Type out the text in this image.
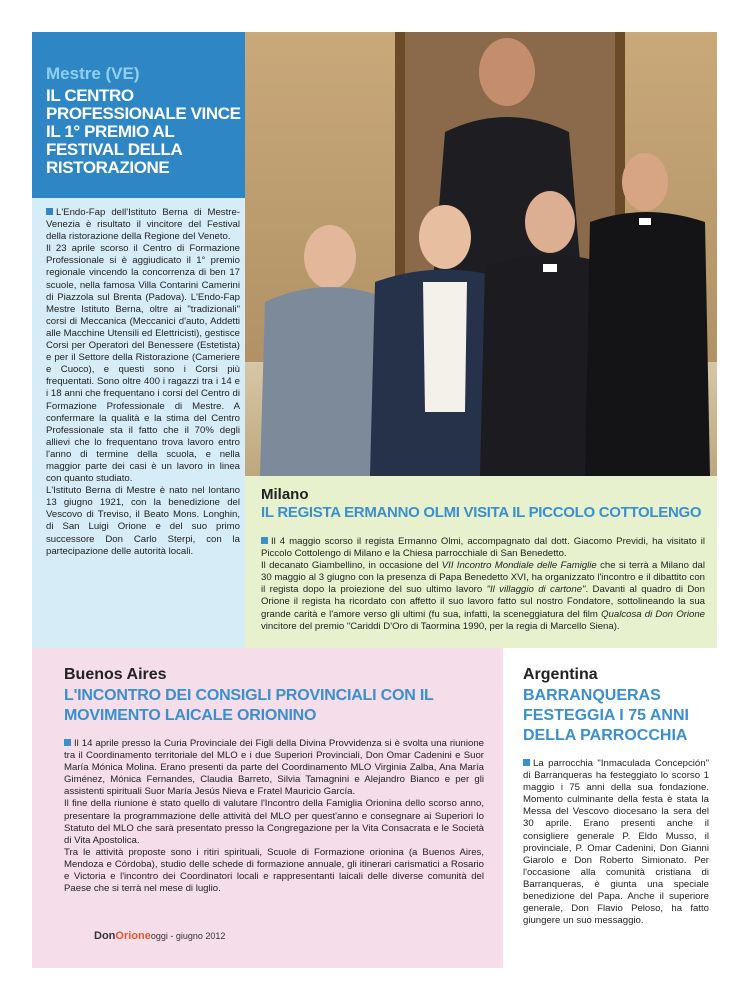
Mestre (VE)
IL CENTRO PROFESSIONALE VINCE IL 1° PREMIO AL FESTIVAL DELLA RISTORAZIONE
L'Endo-Fap dell'Istituto Berna di Mestre-Venezia è risultato il vincitore del Festival della ristorazione della Regione del Veneto.
Il 23 aprile scorso il Centro di Formazione Professionale si è aggiudicato il 1° premio regionale vincendo la concorrenza di ben 17 scuole, nella famosa Villa Contarini Camerini di Piazzola sul Brenta (Padova). L'Endo-Fap Mestre Istituto Berna, oltre ai "tradizionali" corsi di Meccanica (Meccanici d'auto, Addetti alle Macchine Utensili ed Elettricisti), gestisce Corsi per Operatori del Benessere (Estetista) e per il Settore della Ristorazione (Cameriere e Cuoco), e questi sono i Corsi più frequentati. Sono oltre 400 i ragazzi tra i 14 e i 18 anni che frequentano i corsi del Centro di Formazione Professionale di Mestre. A confermare la qualità e la stima del Centro Professionale sta il fatto che il 70% degli allievi che lo frequentano trova lavoro entro l'anno di termine della scuola, e nella maggior parte dei casi è un lavoro in linea con quanto studiato.
L'Istituto Berna di Mestre è nato nel lontano 13 giugno 1921, con la benedizione del Vescovo di Treviso, il Beato Mons. Longhin, di San Luigi Orione e del suo primo successore Don Carlo Sterpi, con la partecipazione delle autorità locali.
Milano
IL REGISTA ERMANNO OLMI VISITA IL PICCOLO COTTOLENGO
Il 4 maggio scorso il regista Ermanno Olmi, accompagnato dal dott. Giacomo Previdi, ha visitato il Piccolo Cottolengo di Milano e la Chiesa parrocchiale di San Benedetto.
Il decanato Giambellino, in occasione del VII Incontro Mondiale delle Famiglie che si terrà a Milano dal 30 maggio al 3 giugno con la presenza di Papa Benedetto XVI, ha organizzato l'incontro e il dibattito con il regista dopo la proiezione del suo ultimo lavoro "Il villaggio di cartone". Davanti al quadro di Don Orione il regista ha ricordato con affetto il suo lavoro fatto sul nostro Fondatore, sottolineando la sua grande carità e l'amore verso gli ultimi (fu sua, infatti, la sceneggiatura del film Qualcosa di Don Orione vincitore del premio "Cariddi D'Oro di Taormina 1990, per la regia di Marcello Siena).
Buenos Aires
L'INCONTRO DEI CONSIGLI PROVINCIALI CON IL MOVIMENTO LAICALE ORIONINO
Il 14 aprile presso la Curia Provinciale dei Figli della Divina Provvidenza si è svolta una riunione tra il Coordinamento territoriale del MLO e i due Superiori Provinciali, Don Omar Cadenini e Suor María Mónica Molina. Erano presenti da parte del Coordinamento MLO Virginia Zalba, Ana María Giménez, Mónica Fernandes, Claudia Barreto, Silvia Tamagnini e Alejandro Bianco e per gli assistenti spirituali Suor María Jesús Nieva e Fratel Mauricio García.
Il fine della riunione è stato quello di valutare l'Incontro della Famiglia Orionina dello scorso anno, presentare la programmazione delle attività del MLO per quest'anno e consegnare ai Superiori lo Statuto del MLO che sarà presentato presso la Congregazione per la Vita Consacrata e le Società di Vita Apostolica.
Tra le attività proposte sono i ritiri spirituali, Scuole di Formazione orionina (a Buenos Aires, Mendoza e Córdoba), studio delle schede di formazione annuale, gli itinerari carismatici a Rosario e Victoria e l'incontro dei Coordinatori locali e rappresentanti laicali delle diverse comunità del Paese che si terrà nel mese di luglio.
DonOrioneoggi - giugno 2012
Argentina
BARRANQUERAS FESTEGGIA I 75 ANNI DELLA PARROCCHIA
La parrocchia "Inmaculada Concepción" di Barranqueras ha festeggiato lo scorso 1 maggio i 75 anni della sua fondazione. Momento culminante della festa è stata la Messa del Vescovo diocesano la sera del 30 aprile. Erano presenti anche il consigliere generale P. Eldo Musso, il provinciale, P. Omar Cadenini, Don Gianni Giarolo e Don Roberto Simionato. Per l'occasione alla comunità cristiana di Barranqueras, è giunta una speciale benedizione del Papa. Anche il superiore generale, Don Flavio Peloso, ha fatto giungere un suo messaggio.
